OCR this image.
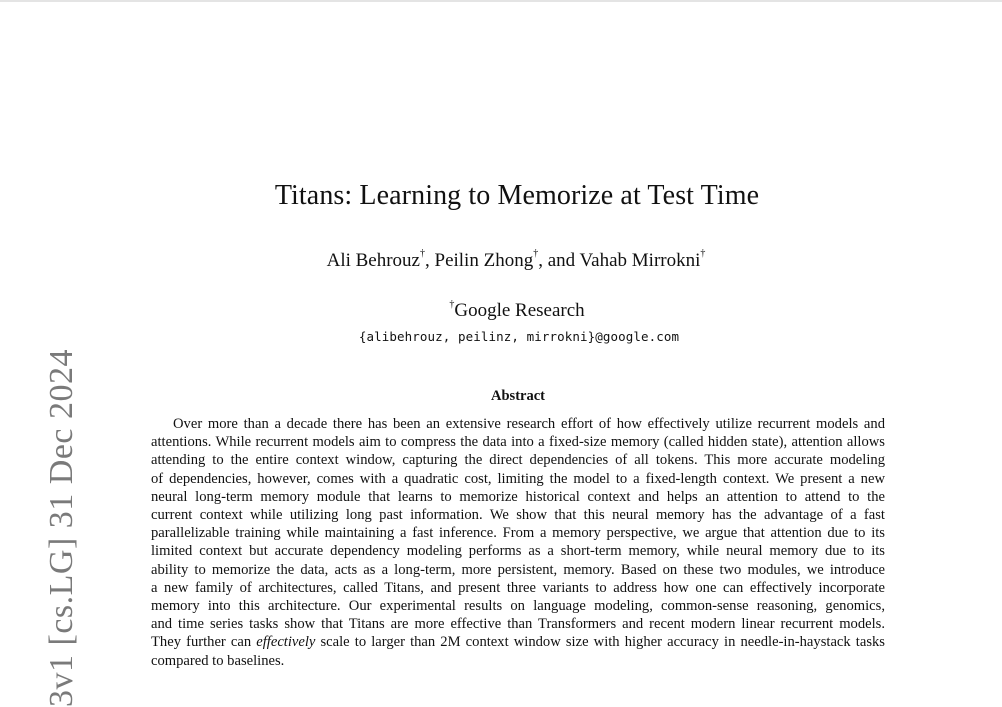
3v1 [cs.LG] 31 Dec 2024
Titans: Learning to Memorize at Test Time
Ali Behrouz†, Peilin Zhong†, and Vahab Mirrokni†
†Google Research
{alibehrouz, peilinz, mirrokni}@google.com
Abstract
Over more than a decade there has been an extensive research effort of how effectively utilize recurrent models and
attentions. While recurrent models aim to compress the data into a fixed-size memory (called hidden state), attention allows
attending to the entire context window, capturing the direct dependencies of all tokens. This more accurate modeling
of dependencies, however, comes with a quadratic cost, limiting the model to a fixed-length context. We present a new
neural long-term memory module that learns to memorize historical context and helps an attention to attend to the
current context while utilizing long past information. We show that this neural memory has the advantage of a fast
parallelizable training while maintaining a fast inference. From a memory perspective, we argue that attention due to its
limited context but accurate dependency modeling performs as a short-term memory, while neural memory due to its
ability to memorize the data, acts as a long-term, more persistent, memory. Based on these two modules, we introduce
a new family of architectures, called Titans, and present three variants to address how one can effectively incorporate
memory into this architecture. Our experimental results on language modeling, common-sense reasoning, genomics,
and time series tasks show that Titans are more effective than Transformers and recent modern linear recurrent models.
They further can effectively scale to larger than 2M context window size with higher accuracy in needle-in-haystack tasks
compared to baselines.
